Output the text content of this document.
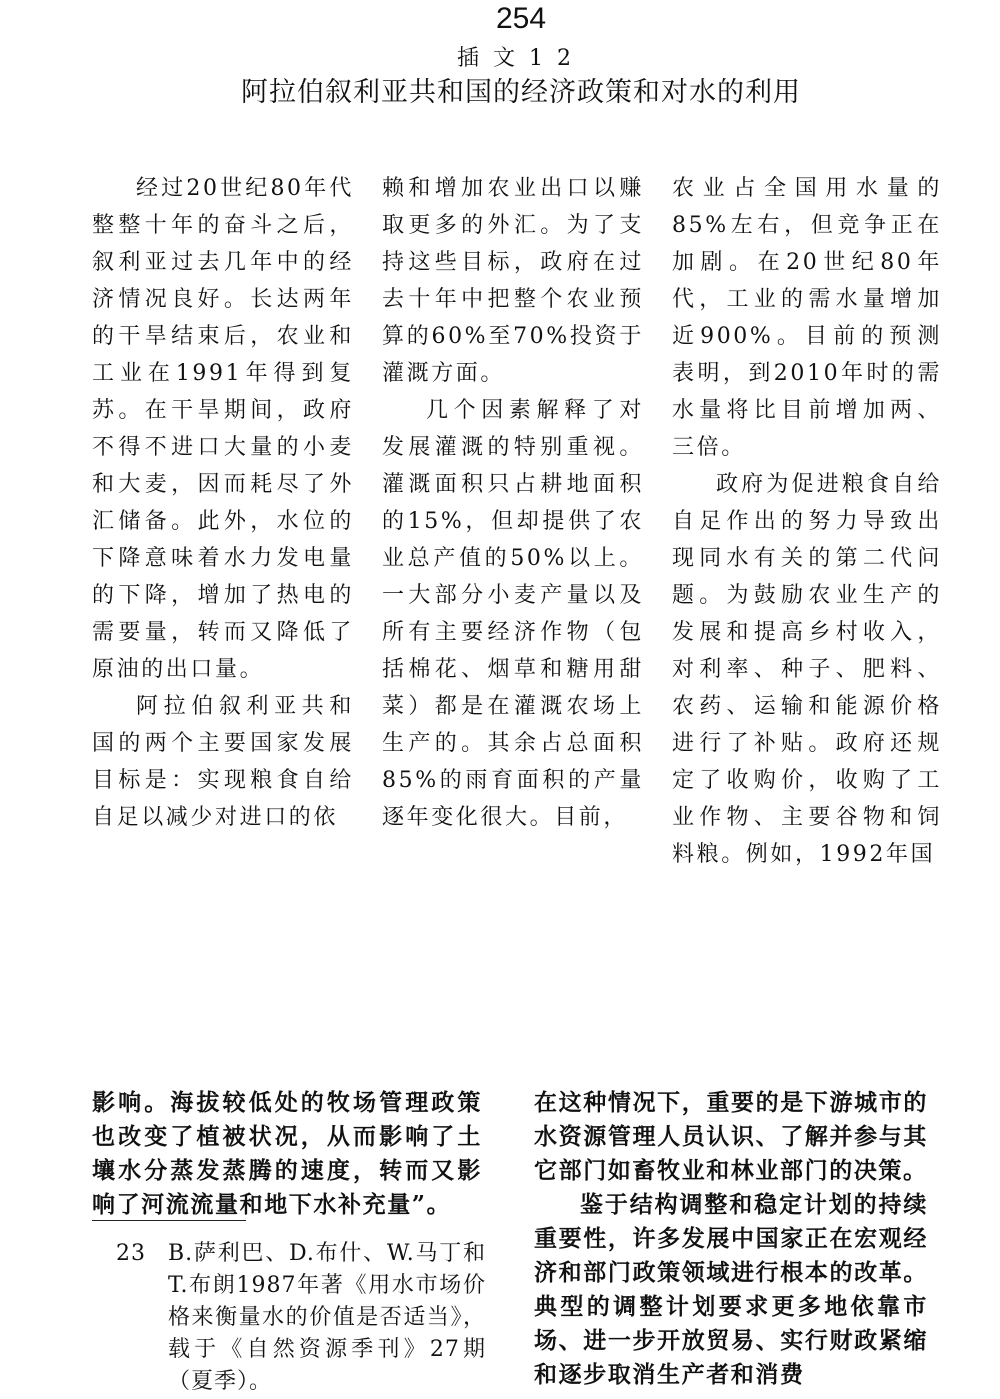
254
插文12
阿拉伯叙利亚共和国的经济政策和对水的利用

经过20世纪80年代整整十年的奋斗之后，叙利亚过去几年中的经济情况良好。长达两年的干旱结束后，农业和工业在1991年得到复苏。在干旱期间，政府不得不进口大量的小麦和大麦，因而耗尽了外汇储备。此外，水位的下降意味着水力发电量的下降，增加了热电的需要量，转而又降低了原油的出口量。

阿拉伯叙利亚共和国的两个主要国家发展目标是：实现粮食自给自足以减少对进口的依

赖和增加农业出口以赚取更多的外汇。为了支持这些目标，政府在过去十年中把整个农业预算的60%至70%投资于灌溉方面。

几个因素解释了对发展灌溉的特别重视。灌溉面积只占耕地面积的15%，但却提供了农业总产值的50%以上。一大部分小麦产量以及所有主要经济作物（包括棉花、烟草和糖用甜菜）都是在灌溉农场上生产的。其余占总面积85%的雨育面积的产量逐年变化很大。目前，

农业占全国用水量的85%左右，但竞争正在加剧。在20世纪80年代，工业的需水量增加近900%。目前的预测表明，到2010年时的需水量将比目前增加两、三倍。

政府为促进粮食自给自足作出的努力导致出现同水有关的第二代问题。为鼓励农业生产的发展和提高乡村收入，对利率、种子、肥料、农药、运输和能源价格进行了补贴。政府还规定了收购价，收购了工业作物、主要谷物和饲料粮。例如，1992年国

影响。海拔较低处的牧场管理政策也改变了植被状况，从而影响了土壤水分蒸发蒸腾的速度，转而又影响了河流流量和地下水补充量”。

23	B.萨利巴、D.布什、W.马丁和T.布朗1987年著《用水市场价格来衡量水的价值是否适当》，载于《自然资源季刊》27期（夏季）。

在这种情况下，重要的是下游城市的水资源管理人员认识、了解并参与其它部门如畜牧业和林业部门的决策。

鉴于结构调整和稳定计划的持续重要性，许多发展中国家正在宏观经济和部门政策领域进行根本的改革。典型的调整计划要求更多地依靠市场、进一步开放贸易、实行财政紧缩和逐步取消生产者和消费
